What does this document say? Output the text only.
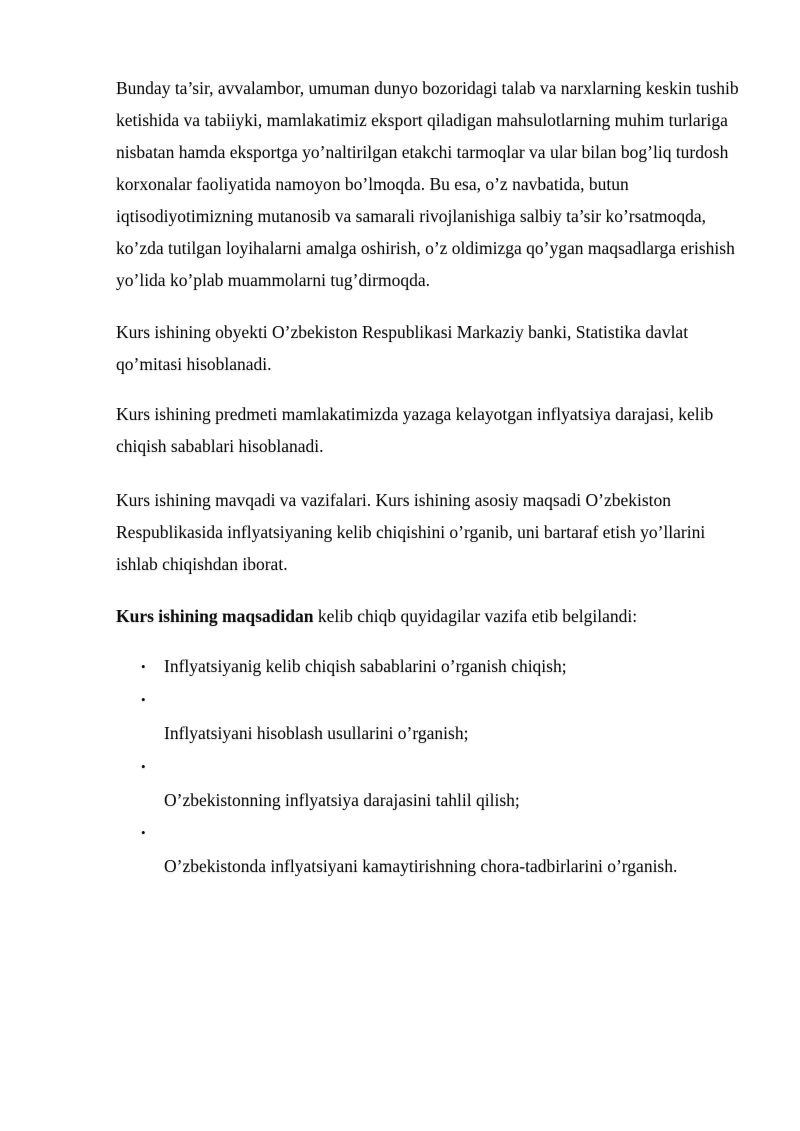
Bunday ta’sir, avvalambor, umuman dunyo bozoridagi talab va narxlarning keskin tushib ketishida va tabiiyki, mamlakatimiz eksport qiladigan mahsulotlarning muhim turlariga nisbatan hamda eksportga yo’naltirilgan etakchi tarmoqlar va ular bilan bog’liq turdosh korxonalar faoliyatida namoyon bo’lmoqda. Bu esa, o’z navbatida, butun iqtisodiyotimizning mutanosib va samarali rivojlanishiga salbiy ta’sir ko’rsatmoqda, ko’zda tutilgan loyihalarni amalga oshirish, o’z oldimizga qo’ygan maqsadlarga erishish yo’lida ko’plab muammolarni tug’dirmoqda.

Kurs ishining obyekti O’zbekiston Respublikasi Markaziy banki, Statistika davlat qo’mitasi hisoblanadi.

Kurs ishining predmeti mamlakatimizda yazaga kelayotgan inflyatsiya darajasi, kelib chiqish sabablari hisoblanadi.

Kurs ishining mavqadi va vazifalari. Kurs ishining asosiy maqsadi O’zbekiston Respublikasida inflyatsiyaning kelib chiqishini o’rganib, uni bartaraf etish yo’llarini ishlab chiqishdan iborat.

Kurs ishining maqsadidan kelib chiqb quyidagilar vazifa etib belgilandi:

• Inflyatsiyanig kelib chiqish sabablarini o’rganish chiqish;
•
Inflyatsiyani hisoblash usullarini o’rganish;
•
O’zbekistonning inflyatsiya darajasini tahlil qilish;
•
O’zbekistonda inflyatsiyani kamaytirishning chora-tadbirlarini o’rganish.
